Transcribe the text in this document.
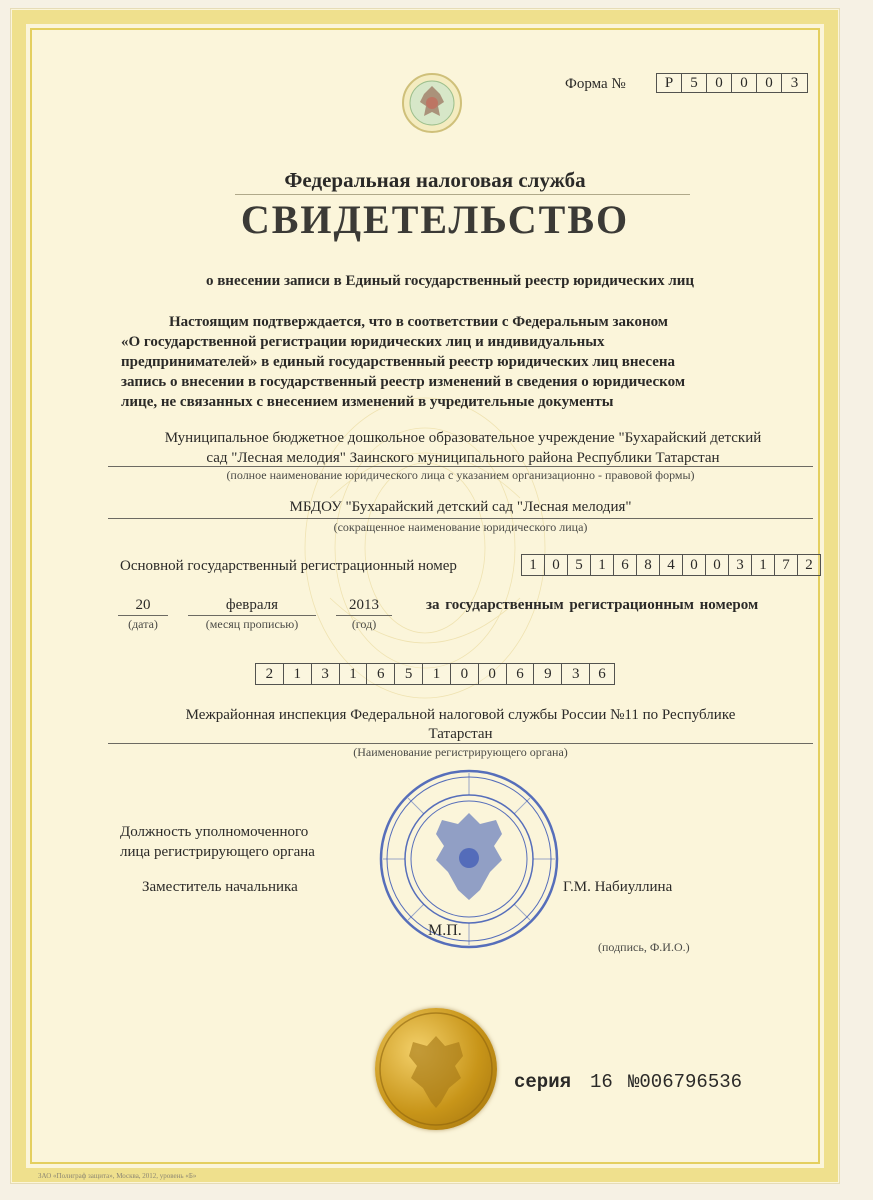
Форма №	Р	5	0	0	0	3
Федеральная налоговая служба
СВИДЕТЕЛЬСТВО
о внесении записи в Единый государственный реестр юридических лиц
Настоящим подтверждается, что в соответствии с Федеральным законом
«О государственной регистрации юридических лиц и индивидуальных
предпринимателей» в единый государственный реестр юридических лиц внесена
запись о внесении в государственный реестр изменений в сведения о юридическом
лице, не связанных с внесением изменений в учредительные документы
Муниципальное бюджетное дошкольное образовательное учреждение "Бухарайский детский
сад "Лесная мелодия" Заинского муниципального района Республики Татарстан
(полное наименование юридического лица с указанием организационно - правовой формы)
МБДОУ "Бухарайский детский сад "Лесная мелодия"
(сокращенное наименование юридического лица)
Основной государственный регистрационный номер	1	0	5	1	6	8	4	0	0	3	1	7	2
20
(дата)
февраля
(месяц прописью)
2013
(год)
за государственным регистрационным номером
2	1	3	1	6	5	1	0	0	6	9	3	6
Межрайонная инспекция Федеральной налоговой службы России №11 по Республике
Татарстан
(Наименование регистрирующего органа)
Должность уполномоченного
лица регистрирующего органа
Заместитель начальника	Г.М. Набиуллина
М.П.
(подпись, Ф.И.О.)
серия 16 №006796536
ЗАО «Полиграф защита», Москва, 2012, уровень «Б»
